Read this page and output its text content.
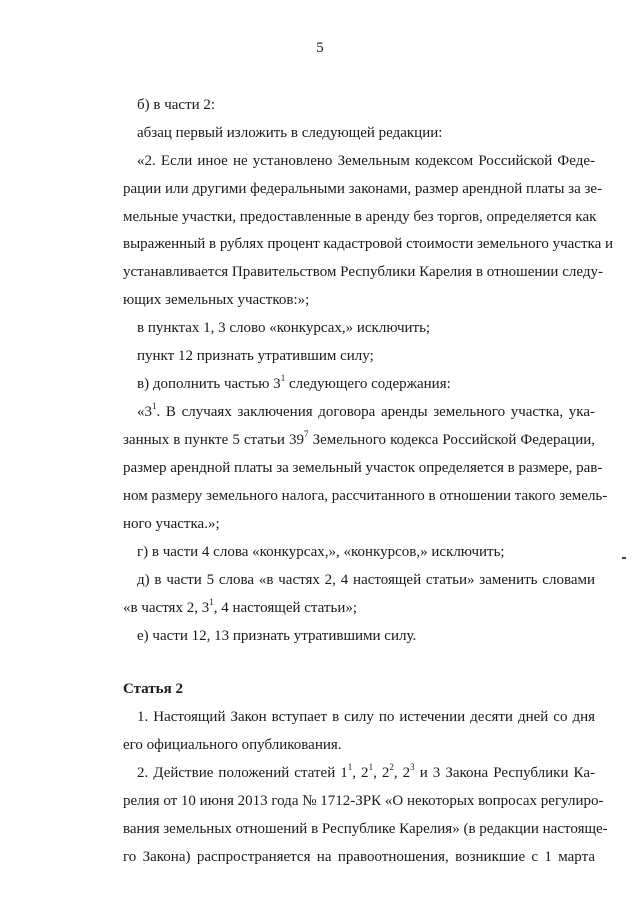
5
б) в части 2:
абзац первый изложить в следующей редакции:
«2. Если иное не установлено Земельным кодексом Российской Феде-
рации или другими федеральными законами, размер арендной платы за зе-
мельные участки, предоставленные в аренду без торгов, определяется как
выраженный в рублях процент кадастровой стоимости земельного участка и
устанавливается Правительством Республики Карелия в отношении следу-
ющих земельных участков:»;
в пунктах 1, 3 слово «конкурсах,» исключить;
пункт 12 признать утратившим силу;
в) дополнить частью $3^1$ следующего содержания:
«$3^1$. В случаях заключения договора аренды земельного участка, ука-
занных в пункте 5 статьи $39^7$ Земельного кодекса Российской Федерации,
размер арендной платы за земельный участок определяется в размере, рав-
ном размеру земельного налога, рассчитанного в отношении такого земель-
ного участка.»;
г) в части 4 слова «конкурсах,», «конкурсов,» исключить;
д) в части 5 слова «в частях 2, 4 настоящей статьи» заменить словами
«в частях 2, $3^1$, 4 настоящей статьи»;
е) части 12, 13 признать утратившими силу.
Статья 2
1. Настоящий Закон вступает в силу по истечении десяти дней со дня
его официального опубликования.
2. Действие положений статей $1^1$, $2^1$, $2^2$, $2^3$ и 3 Закона Республики Ка-
релия от 10 июня 2013 года № 1712-ЗРК «О некоторых вопросах регулиро-
вания земельных отношений в Республике Карелия» (в редакции настояще-
го Закона) распространяется на правоотношения, возникшие с 1 марта
